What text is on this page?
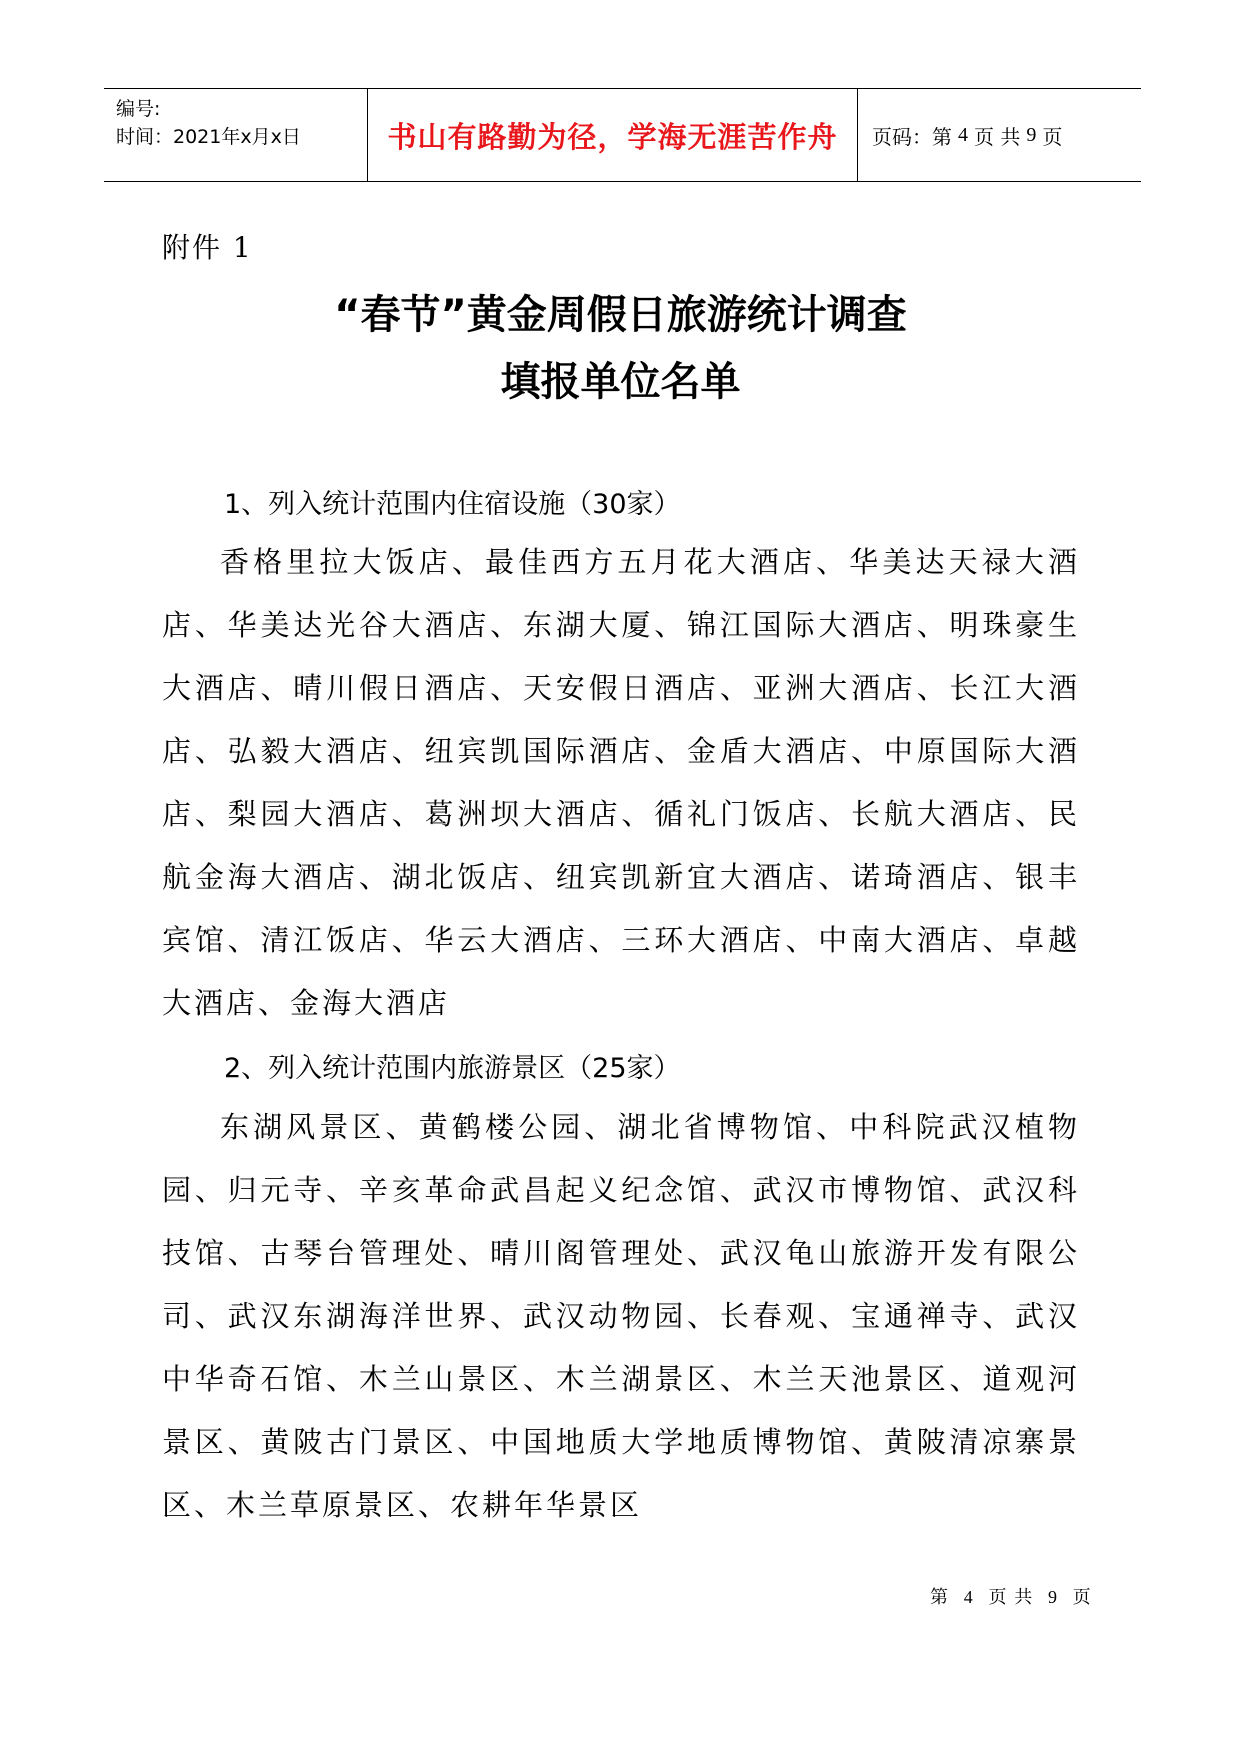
编号:
时间：2021年x月x日	书山有路勤为径，学海无涯苦作舟	页码：第 4 页 共 9 页
附件 1
“春节”黄金周假日旅游统计调查
填报单位名单
1、列入统计范围内住宿设施（30家）
香格里拉大饭店、最佳西方五月花大酒店、华美达天禄大酒店、华美达光谷大酒店、东湖大厦、锦江国际大酒店、明珠豪生大酒店、晴川假日酒店、天安假日酒店、亚洲大酒店、长江大酒店、弘毅大酒店、纽宾凯国际酒店、金盾大酒店、中原国际大酒店、梨园大酒店、葛洲坝大酒店、循礼门饭店、长航大酒店、民航金海大酒店、湖北饭店、纽宾凯新宜大酒店、诺琦酒店、银丰宾馆、清江饭店、华云大酒店、三环大酒店、中南大酒店、卓越大酒店、金海大酒店
2、列入统计范围内旅游景区（25家）
东湖风景区、黄鹤楼公园、湖北省博物馆、中科院武汉植物园、归元寺、辛亥革命武昌起义纪念馆、武汉市博物馆、武汉科技馆、古琴台管理处、晴川阁管理处、武汉龟山旅游开发有限公司、武汉东湖海洋世界、武汉动物园、长春观、宝通禅寺、武汉中华奇石馆、木兰山景区、木兰湖景区、木兰天池景区、道观河景区、黄陂古门景区、中国地质大学地质博物馆、黄陂清凉寨景区、木兰草原景区、农耕年华景区
第 4 页 共 9 页
